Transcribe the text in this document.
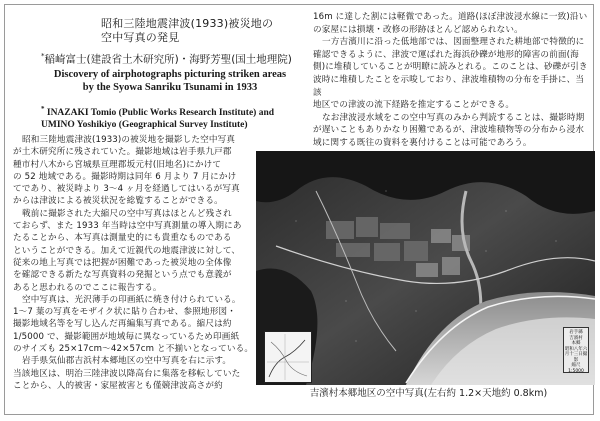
昭和三陸地震津波(1933)被災地の
空中写真の発見
*稲崎富士(建設省土木研究所)・海野芳聖(国土地理院)
Discovery of airphotographs picturing striken areas
by the Syowa Sanriku Tsunami in 1933
* INAZAKI Tomio (Public Works Research Institute) and
UMINO Yoshikiyo (Geographical Survey Institute)

昭和三陸地震津波(1933)の被災地を撮影した空中写真

が土木研究所に残されていた。撮影地域は岩手県九戸郡

種市村八木から宮城県亘理郡坂元村(旧地名)にかけて

の 52 地域である。撮影時期は同年 6 月より 7 月にかけ

てであり、被災時より 3〜4 ヶ月を経過してはいるが写真

からは津波による被災状況を総覧することができる。

戦前に撮影された大縮尺の空中写真はほとんど残され

ておらず、また 1933 年当時は空中写真測量の導入期にあ

たることから、本写真は測量史的にも貴重なものである

ということができる。加えて近親代の地震津波に対して、

従来の地上写真では把握が困難であった被災地の全体像

を確認できる新たな写真資料の発掘という点でも意義が

あると思われるのでここに報告する。

空中写真は、光沢薄手の印画紙に焼き付けられている。

1〜7 葉の写真をモザイク状に貼り合わせ、参照地形図・

撮影地域名等を写し込んだ再編集写真である。縮尺は約

1/5000 で、撮影範囲が地域毎に異なっているため印画紙

のサイズも 25×17cm〜42×57cm と不揃いとなっている。

岩手県気仙郡吉浜村本郷地区の空中写真を右に示す。

当該地区は、明治三陸津波以降高台に集落を移転していた

ことから、人的被害・家屋被害とも僅競津波高さが約

16m に達した割には軽微であった。道路(ほぼ津波浸水線に一致)沿い

の家屋には損壊・改修の形跡ほとんど認められない。

一方吉濱川に沿った低地部では、図面整理された耕地部で特徴的に

確認できるように、津波で運ばれた海浜砂礫が地形的障害の前面(海

側)に堆積していることが明瞭に読みとれる。このことは、砂礫が引き

波時に堆積したことを示唆しており、津波堆積物の分布を手掛に、当該

地区での津波の流下経路を推定することができる。

なお津波浸水域をこの空中写真のみから判読することは、撮影時期

が遅いこともありかなり困難であるが、津波堆積物等の分布から浸水

域に関する既往の資料を裏付けることは可能であろう。

岩手縣
吉濱村
本郷
昭和八年六月十三日撮影
縮尺 1:5000
吉濱村本郷地区の空中写真(左右約 1.2×天地約 0.8km)
